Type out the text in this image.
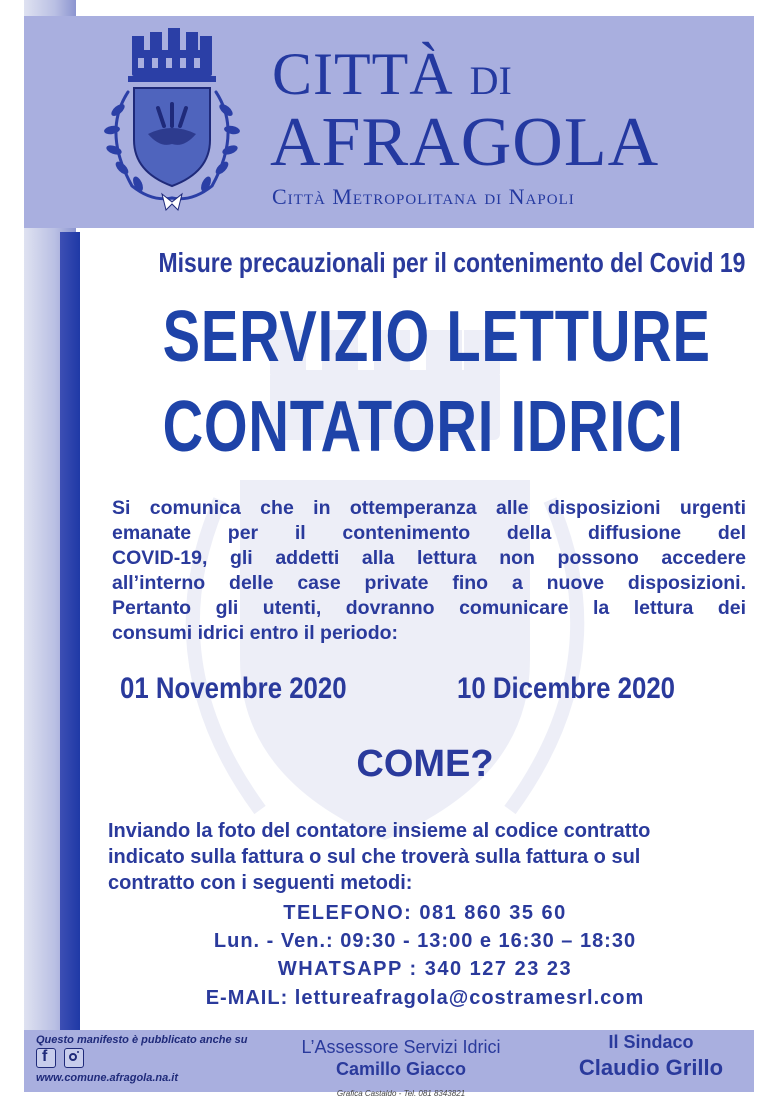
CITTÀ DI
AFRAGOLA
Città Metropolitana di Napoli
Misure precauzionali per il contenimento del Covid 19
SERVIZIO LETTURE
CONTATORI IDRICI
Si comunica che in ottemperanza alle disposizioni urgenti
emanate per il contenimento della diffusione del
COVID-19, gli addetti alla lettura non possono accedere
all’interno delle case private fino a nuove disposizioni.
Pertanto gli utenti, dovranno comunicare la lettura dei
consumi idrici entro il periodo:
01 Novembre 2020	10 Dicembre 2020
COME?
Inviando la foto del contatore insieme al codice contratto
indicato sulla fattura o sul che troverà sulla fattura o sul
contratto con i seguenti metodi:
TELEFONO: 081 860 35 60
Lun. - Ven.: 09:30 - 13:00 e 16:30 – 18:30
WHATSAPP : 340 127 23 23
E-MAIL: lettureafragola@costramesrl.com
Questo manifesto è pubblicato anche su
f
www.comune.afragola.na.it
L’Assessore Servizi Idrici
Camillo Giacco
Il Sindaco
Claudio Grillo
Grafica Castaldo - Tel. 081 8343821
